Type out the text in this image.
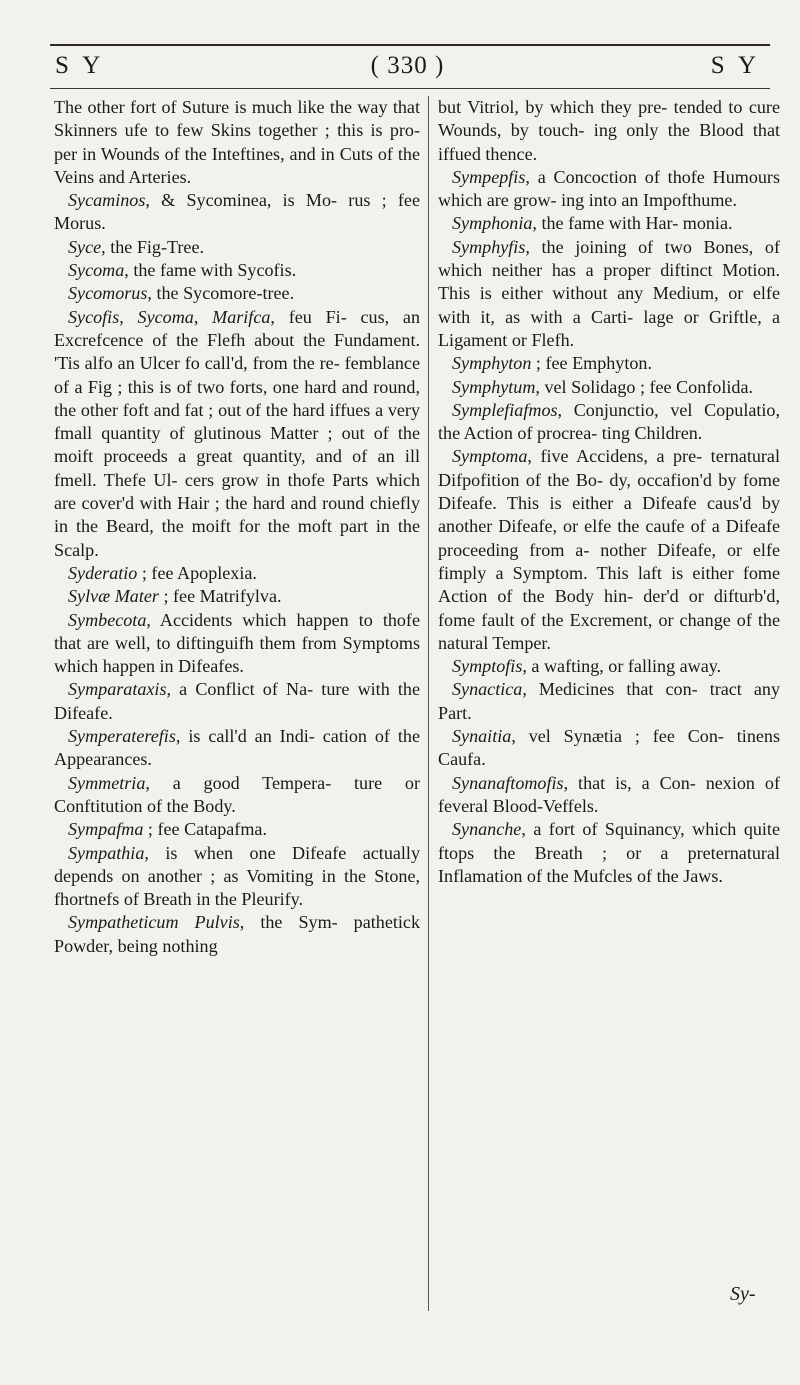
S Y	( 330 )	S Y

The other fort of Suture is much like the way that Skinners ufe to few Skins together ; this is pro- per in Wounds of the Inteftines, and in Cuts of the Veins and Arteries.

Sycaminos, & Sycominea, is Mo- rus ; fee Morus.

Syce, the Fig-Tree.

Sycoma, the fame with Sycofis.

Sycomorus, the Sycomore-tree.

Sycofis, Sycoma, Marifca, feu Fi- cus, an Excrefcence of the Flefh about the Fundament. 'Tis alfo an Ulcer fo call'd, from the re- femblance of a Fig ; this is of two forts, one hard and round, the other foft and fat ; out of the hard iffues a very fmall quantity of glutinous Matter ; out of the moift proceeds a great quantity, and of an ill fmell. Thefe Ul- cers grow in thofe Parts which are cover'd with Hair ; the hard and round chiefly in the Beard, the moift for the moft part in the Scalp.

Syderatio ; fee Apoplexia.

Sylvæ Mater ; fee Matrifylva.

Symbecota, Accidents which happen to thofe that are well, to diftinguifh them from Symptoms which happen in Difeafes.

Symparataxis, a Conflict of Na- ture with the Difeafe.

Symperaterefis, is call'd an Indi- cation of the Appearances.

Symmetria, a good Tempera- ture or Conftitution of the Body.

Sympafma ; fee Catapafma.

Sympathia, is when one Difeafe actually depends on another ; as Vomiting in the Stone, fhortnefs of Breath in the Pleurify.

Sympatheticum Pulvis, the Sym- pathetick Powder, being nothing

but Vitriol, by which they pre- tended to cure Wounds, by touch- ing only the Blood that iffued thence.

Sympepfis, a Concoction of thofe Humours which are grow- ing into an Impofthume.

Symphonia, the fame with Har- monia.

Symphyfis, the joining of two Bones, of which neither has a proper diftinct Motion. This is either without any Medium, or elfe with it, as with a Carti- lage or Griftle, a Ligament or Flefh.

Symphyton ; fee Emphyton.

Symphytum, vel Solidago ; fee Confolida.

Symplefiafmos, Conjunctio, vel Copulatio, the Action of procrea- ting Children.

Symptoma, five Accidens, a pre- ternatural Difpofition of the Bo- dy, occafion'd by fome Difeafe. This is either a Difeafe caus'd by another Difeafe, or elfe the caufe of a Difeafe proceeding from a- nother Difeafe, or elfe fimply a Symptom. This laft is either fome Action of the Body hin- der'd or difturb'd, fome fault of the Excrement, or change of the natural Temper.

Symptofis, a wafting, or falling away.

Synactica, Medicines that con- tract any Part.

Synaitia, vel Synætia ; fee Con- tinens Caufa.

Synanaftomofis, that is, a Con- nexion of feveral Blood-Veffels.

Synanche, a fort of Squinancy, which quite ftops the Breath ; or a preternatural Inflamation of the Mufcles of the Jaws.

Sy-
